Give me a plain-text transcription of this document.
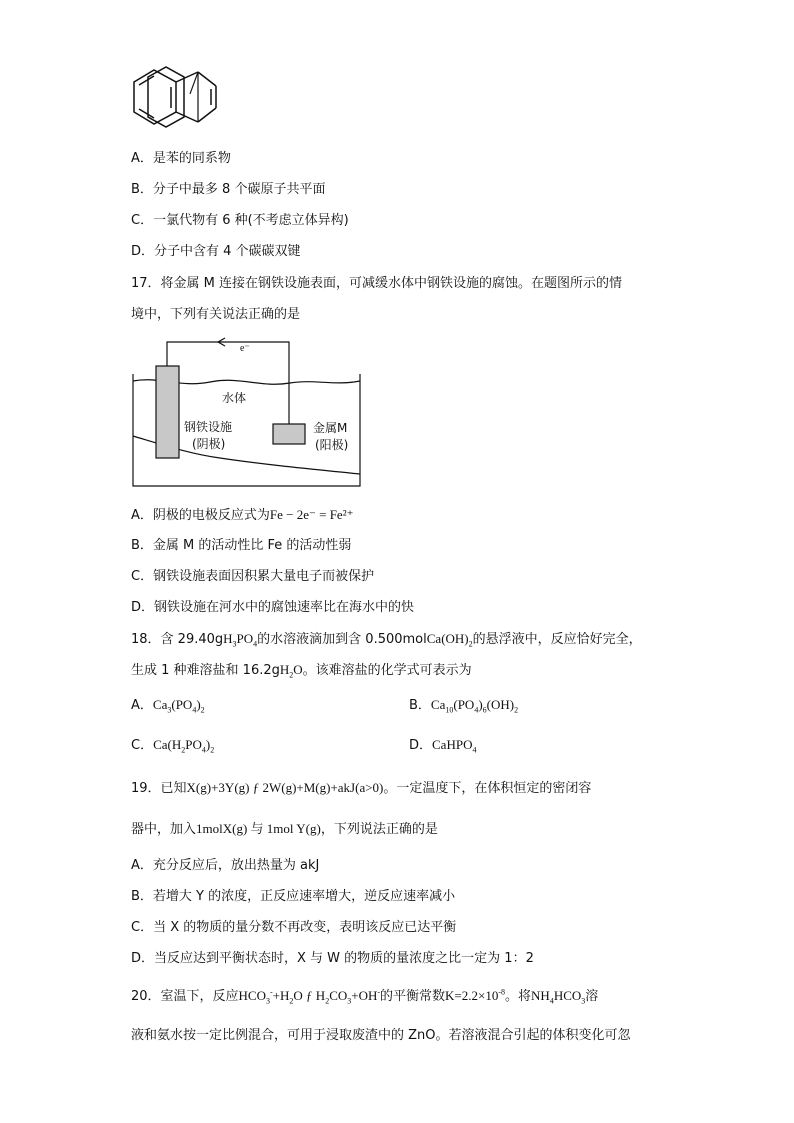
A．是苯的同系物
B．分子中最多 8 个碳原子共平面
C．一氯代物有 6 种(不考虑立体异构)
D．分子中含有 4 个碳碳双键
17．将金属 M 连接在钢铁设施表面，可减缓水体中钢铁设施的腐蚀。在题图所示的情
境中，下列有关说法正确的是
e⁻
水体
钢铁设施
(阴极)
金属M
(阳极)
A．阴极的电极反应式为Fe − 2e⁻ = Fe²⁺
B．金属 M 的活动性比 Fe 的活动性弱
C．钢铁设施表面因积累大量电子而被保护
D．钢铁设施在河水中的腐蚀速率比在海水中的快
18．含 $29.40gH_3PO_4$的水溶液滴加到含 $0.500molCa(OH)_2$的悬浮液中，反应恰好完全，
生成 1 种难溶盐和 $16.2gH_2O$。该难溶盐的化学式可表示为
A．$Ca_3(PO_4)_2$	B．$Ca_{10}(PO_4)_6(OH)_2$
C．$Ca(H_2PO_4)_2$	D．CaHPO$_4$
19．已知X(g)+3Y(g) ƒ 2W(g)+M(g)+akJ(a>0)。一定温度下，在体积恒定的密闭容
器中，加入1molX(g) 与 1mol Y(g)，下列说法正确的是
A．充分反应后，放出热量为 akJ
B．若增大 Y 的浓度，正反应速率增大，逆反应速率减小
C．当 X 的物质的量分数不再改变，表明该反应已达平衡
D．当反应达到平衡状态时，X 与 W 的物质的量浓度之比一定为 1：2
20．室温下，反应$HCO_3^-+H_2O$ ƒ $H_2CO_3+OH^-$的平衡常数$K=2.2\times 10^{-8}$。将$NH_4HCO_3$溶
液和氨水按一定比例混合，可用于浸取废渣中的 ZnO。若溶液混合引起的体积变化可忽
